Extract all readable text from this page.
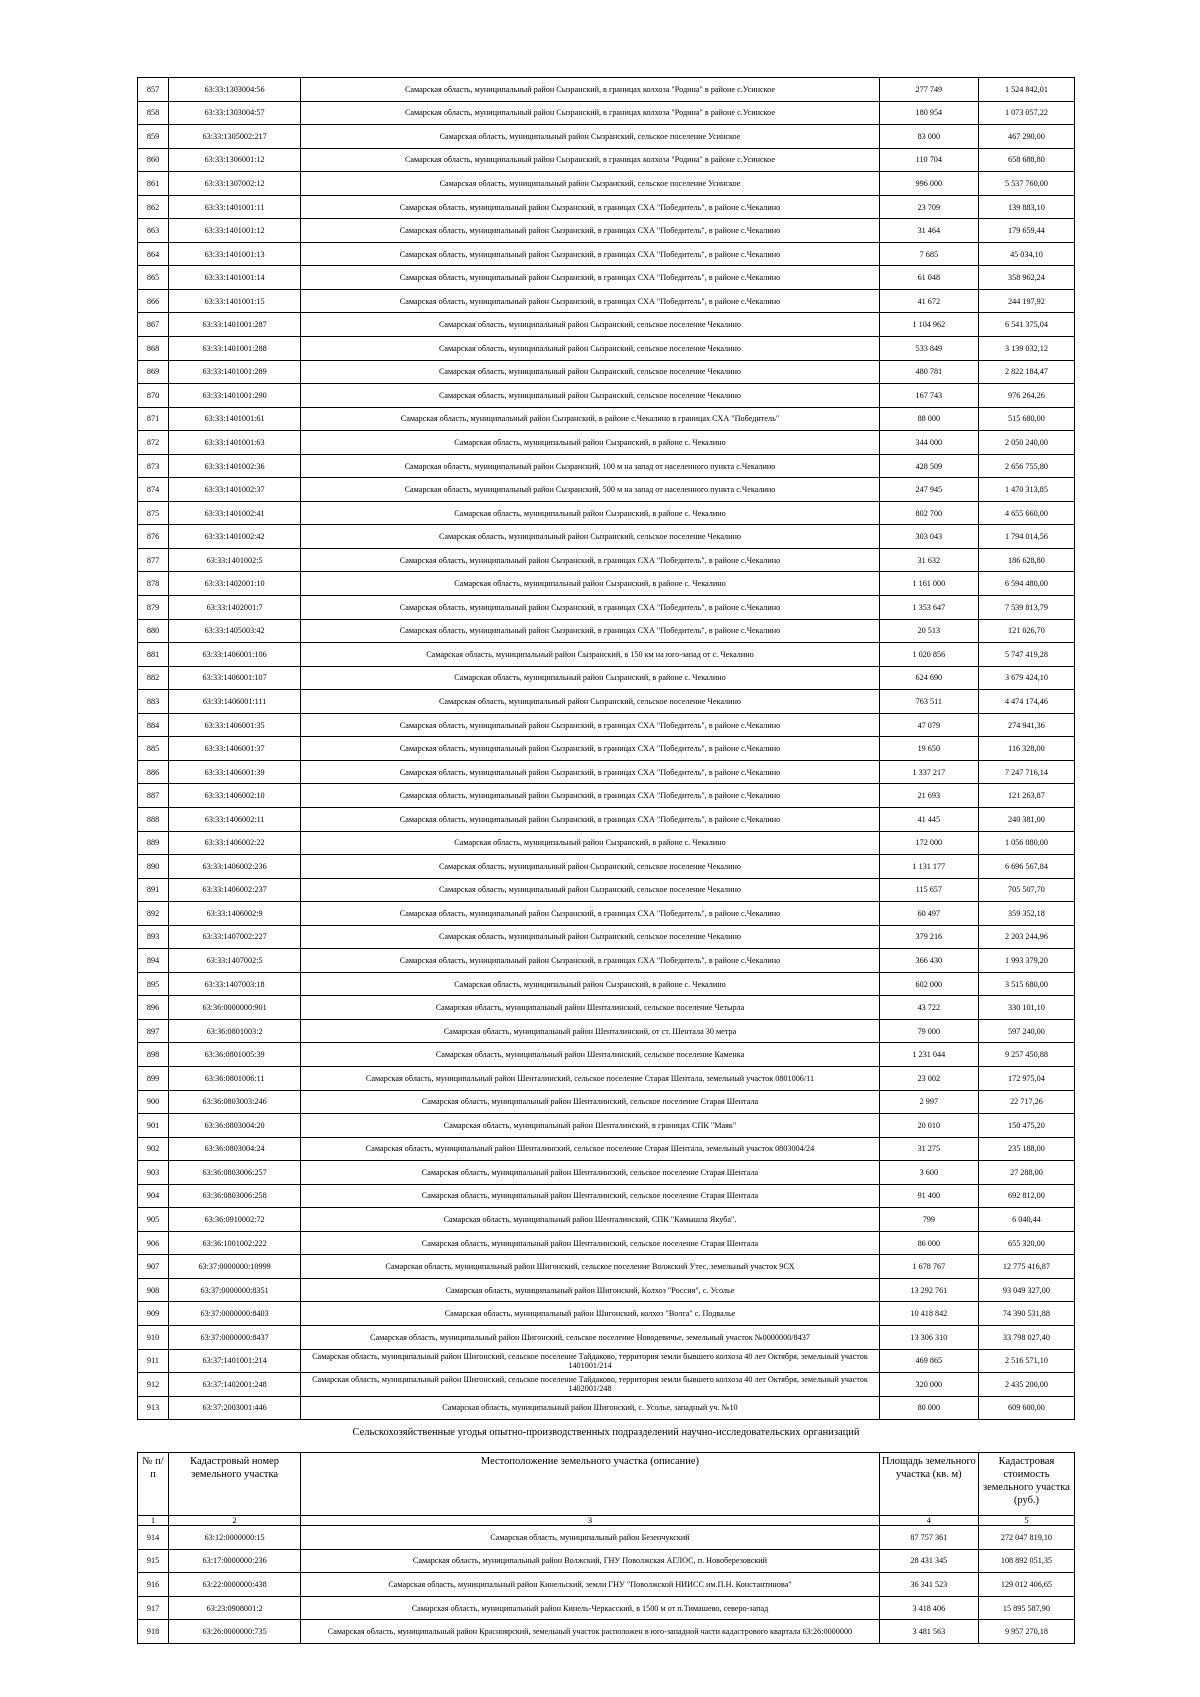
857	63:33:1303004:56	Самарская область, муниципальный район Сызранский, в границах колхоза "Родина" в районе с.Усинское	277 749	1 524 842,01
858	63:33:1303004:57	Самарская область, муниципальный район Сызранский, в границах колхоза "Родина" в районе с.Усинское	180 954	1 073 057,22
859	63:33:1305002:217	Самарская область, муниципальный район Сызранский, сельское поселение Усинское	83 000	467 290,00
860	63:33:1306001:12	Самарская область, муниципальный район Сызранский, в границах колхоза "Родина" в районе с.Усинское	110 704	658 688,80
861	63:33:1307002:12	Самарская область, муниципальный район Сызранский, сельское поселение Усинское	996 000	5 537 760,00
862	63:33:1401001:11	Самарская область, муниципальный район Сызранский, в границах СХА "Победитель", в районе с.Чекалино	23 709	139 883,10
863	63:33:1401001:12	Самарская область, муниципальный район Сызранский, в границах СХА "Победитель", в районе с.Чекалино	31 464	179 659,44
864	63:33:1401001:13	Самарская область, муниципальный район Сызранский, в границах СХА "Победитель", в районе с.Чекалино	7 685	45 034,10
865	63:33:1401001:14	Самарская область, муниципальный район Сызранский, в границах СХА "Победитель", в районе с.Чекалино	61 048	358 962,24
866	63:33:1401001:15	Самарская область, муниципальный район Сызранский, в границах СХА "Победитель", в районе с.Чекалино	41 672	244 197,92
867	63:33:1401001:287	Самарская область, муниципальный район Сызранский, сельское поселение Чекалино	1 104 962	6 541 375,04
868	63:33:1401001:288	Самарская область, муниципальный район Сызранский, сельское поселение Чекалино	533 849	3 139 032,12
869	63:33:1401001:289	Самарская область, муниципальный район Сызранский, сельское поселение Чекалино	480 781	2 822 184,47
870	63:33:1401001:290	Самарская область, муниципальный район Сызранский, сельское поселение Чекалино	167 743	976 264,26
871	63:33:1401001:61	Самарская область, муниципальный район Сызранский, в районе с.Чекалино в границах СХА "Победитель"	88 000	515 680,00
872	63:33:1401001:63	Самарская область, муниципальный район Сызранский, в районе с. Чекалино	344 000	2 050 240,00
873	63:33:1401002:36	Самарская область, муниципальный район Сызранский, 100 м на запад от населенного пункта с.Чекалино	428 509	2 656 755,80
874	63:33:1401002:37	Самарская область, муниципальный район Сызранский, 500 м на запад от населенного пункта с.Чекалино	247 945	1 470 313,85
875	63:33:1401002:41	Самарская область, муниципальный район Сызранский, в районе с. Чекалино	802 700	4 655 660,00
876	63:33:1401002:42	Самарская область, муниципальный район Сызранский, сельское поселение Чекалино	303 043	1 794 014,56
877	63:33:1401002:5	Самарская область, муниципальный район Сызранский, в границах СХА "Победитель", в районе с.Чекалино	31 632	186 628,80
878	63:33:1402001:10	Самарская область, муниципальный район Сызранский, в районе с. Чекалино	1 161 000	6 594 480,00
879	63:33:1402001:7	Самарская область, муниципальный район Сызранский, в границах СХА "Победитель", в районе с.Чекалино	1 353 647	7 539 813,79
880	63:33:1405003:42	Самарская область, муниципальный район Сызранский, в границах СХА "Победитель", в районе с.Чекалино	20 513	121 026,70
881	63:33:1406001:106	Самарская область, муниципальный район Сызранский, в 150 км на юго-запад от с. Чекалино	1 020 856	5 747 419,28
882	63:33:1406001:107	Самарская область, муниципальный район Сызранский, в районе с. Чекалино	624 690	3 679 424,10
883	63:33:1406001:111	Самарская область, муниципальный район Сызранский, сельское поселение Чекалино	763 511	4 474 174,46
884	63:33:1406001:35	Самарская область, муниципальный район Сызранский, в границах СХА "Победитель", в районе с.Чекалино	47 079	274 941,36
885	63:33:1406001:37	Самарская область, муниципальный район Сызранский, в границах СХА "Победитель", в районе с.Чекалино	19 650	116 328,00
886	63:33:1406001:39	Самарская область, муниципальный район Сызранский, в границах СХА "Победитель", в районе с.Чекалино	1 337 217	7 247 716,14
887	63:33:1406002:10	Самарская область, муниципальный район Сызранский, в границах СХА "Победитель", в районе с.Чекалино	21 693	121 263,87
888	63:33:1406002:11	Самарская область, муниципальный район Сызранский, в границах СХА "Победитель", в районе с.Чекалино	41 445	240 381,00
889	63:33:1406002:22	Самарская область, муниципальный район Сызранский, в районе с. Чекалино	172 000	1 056 080,00
890	63:33:1406002:236	Самарская область, муниципальный район Сызранский, сельское поселение Чекалино	1 131 177	6 696 567,84
891	63:33:1406002:237	Самарская область, муниципальный район Сызранский, сельское поселение Чекалино	115 657	705 507,70
892	63:33:1406002:9	Самарская область, муниципальный район Сызранский, в границах СХА "Победитель", в районе с.Чекалино	60 497	359 352,18
893	63:33:1407002:227	Самарская область, муниципальный район Сызранский, сельское поселение Чекалино	379 216	2 203 244,96
894	63:33:1407002:5	Самарская область, муниципальный район Сызранский, в границах СХА "Победитель", в районе с.Чекалино	366 430	1 993 379,20
895	63:33:1407003:18	Самарская область, муниципальный район Сызранский, в районе с. Чекалино	602 000	3 515 680,00
896	63:36:0000000:901	Самарская область, муниципальный район Шенталинский, сельское поселение Четырла	43 722	330 101,10
897	63:36:0801003:2	Самарская область, муниципальный район Шенталинский, от ст. Шентала 30 метра	79 000	597 240,00
898	63:36:0801005:39	Самарская область, муниципальный район Шенталинский, сельское поселение Каменка	1 231 044	9 257 450,88
899	63:36:0801006:11	Самарская область, муниципальный район Шенталинский, сельское поселение Старая Шентала, земельный участок 0801006/11	23 002	172 975,04
900	63:36:0803003:246	Самарская область, муниципальный район Шенталинский, сельское поселение Старая Шентала	2 997	22 717,26
901	63:36:0803004:20	Самарская область, муниципальный район Шенталинский, в границах СПК "Маяк"	20 010	150 475,20
902	63:36:0803004:24	Самарская область, муниципальный район Шенталинский, сельское поселение Старая Шентала, земельный участок 0803004/24	31 275	235 188,00
903	63:36:0803006:257	Самарская область, муниципальный район Шенталинский, сельское поселение Старая Шентала	3 600	27 288,00
904	63:36:0803006:258	Самарская область, муниципальный район Шенталинский, сельское поселение Старая Шентала	91 400	692 812,00
905	63:36:0910002:72	Самарская область, муниципальный район Шенталинский, СПК "Камышла Якуба".	799	6 040,44
906	63:36:1001002:222	Самарская область, муниципальный район Шенталинский, сельское поселение Старая Шентала	86 000	655 320,00
907	63:37:0000000:10999	Самарская область, муниципальный район Шигонский, сельское поселение Волжский Утес, земельный участок 9СХ	1 678 767	12 775 416,87
908	63:37:0000000:8351	Самарская область, муниципальный район Шигонский, Колхоз "Россия", с. Усолье	13 292 761	93 049 327,00
909	63:37:0000000:8403	Самарская область, муниципальный район Шигонский, колхоз "Волга" с. Подвалье	10 418 842	74 390 531,88
910	63:37:0000000:8437	Самарская область, муниципальный район Шигонский, сельское поселение Новодевичье, земельный участок №0000000/8437	13 306 310	33 798 027,40
911	63:37:1401001:214	Самарская область, муниципальный район Шигонский, сельское поселение Тайдаково, территория земли бывшего колхоза 40 лет Октября, земельный участок 1401001/214	469 865	2 516 571,10
912	63:37:1402001:248	Самарская область, муниципальный район Шигонский, сельское поселение Тайдаково, территория земли бывшего колхоза 40 лет Октября, земельный участок 1402001/248	320 000	2 435 200,00
913	63:37:2003001:446	Самарская область, муниципальный район Шигонский, с. Усолье, западный уч. №10	80 000	609 600,00
Сельскохозяйственные угодья опытно-производственных подразделений научно-исследовательских организаций
№ п/п	Кадастровый номер земельного участка	Местоположение земельного участка (описание)	Площадь земельного участка (кв. м)	Кадастровая стоимость земельного участка (руб.)
1	2	3	4	5
914	63:12:0000000:15	Самарская область, муниципальный район Безенчукский	87 757 361	272 047 819,10
915	63:17:0000000:236	Самарская область, муниципальный район Волжский, ГНУ Поволжская АГЛОС, п. Новоберезовский	28 431 345	108 892 051,35
916	63:22:0000000:438	Самарская область, муниципальный район Кинельский, земли ГНУ "Поволжской НИИСС им.П.Н. Константинова"	36 341 523	129 012 406,65
917	63:23:0908001:2	Самарская область, муниципальный район Кинель-Черкасский, в 1500 м от п.Тимашево, северо-запад	3 418 406	15 895 587,90
918	63:26:0000000:735	Самарская область, муниципальный район Красноярский, земельный участок расположен в юго-западной части кадастрового квартала 63:26:0000000	3 481 563	9 957 270,18
